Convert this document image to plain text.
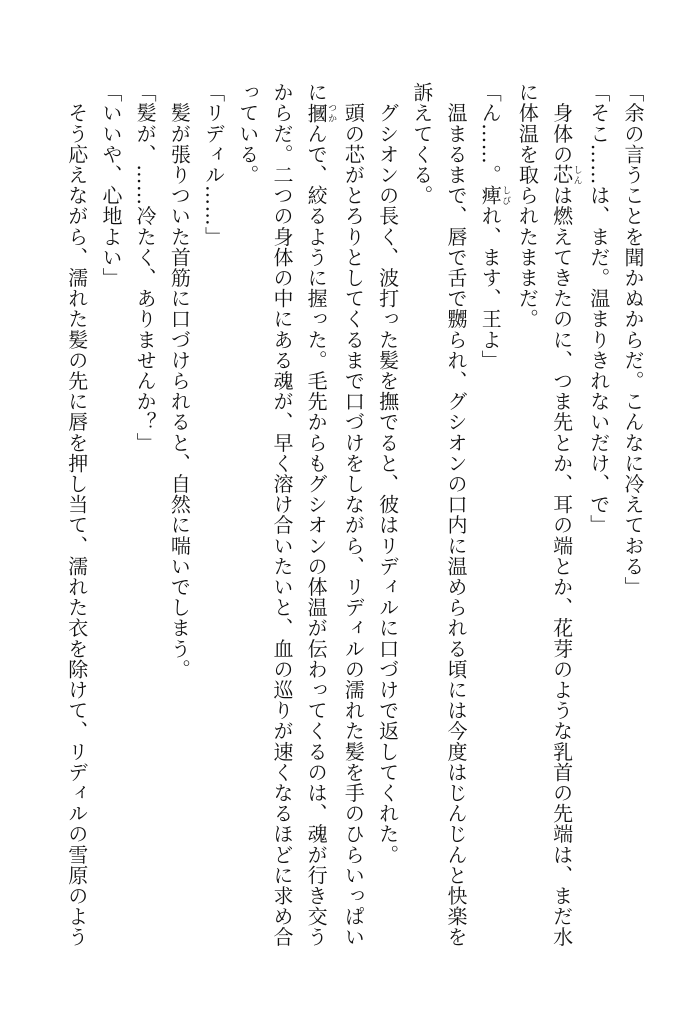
「余の言うことを聞かぬからだ。こんなに冷えておる」
「そこ……は、まだ。温まりきれないだけ、で」
　身体の芯しんは燃えてきたのに、つま先とか、耳の端とか、花芽のような乳首の先端は、まだ水
に体温を取られたままだ。
「ん……。痺しびれ、ます、王よ」
　温まるまで、唇で舌で嬲られ、グシオンの口内に温められる頃には今度はじんじんと快楽を
訴えてくる。
　グシオンの長く、波打った髪を撫でると、彼はリディルに口づけで返してくれた。
　頭の芯がとろりとしてくるまで口づけをしながら、リディルの濡れた髪を手のひらいっぱい
に摑つかんで、絞るように握った。毛先からもグシオンの体温が伝わってくるのは、魂が行き交う
からだ。二つの身体の中にある魂が、早く溶け合いたいと、血の巡りが速くなるほどに求め合
っている。
「リディル……」
　髪が張りついた首筋に口づけられると、自然に喘いでしまう。
「髪が、……冷たく、ありませんか？」
「いいや、心地よい」
　そう応えながら、濡れた髪の先に唇を押し当て、濡れた衣を除けて、リディルの雪原のよう
